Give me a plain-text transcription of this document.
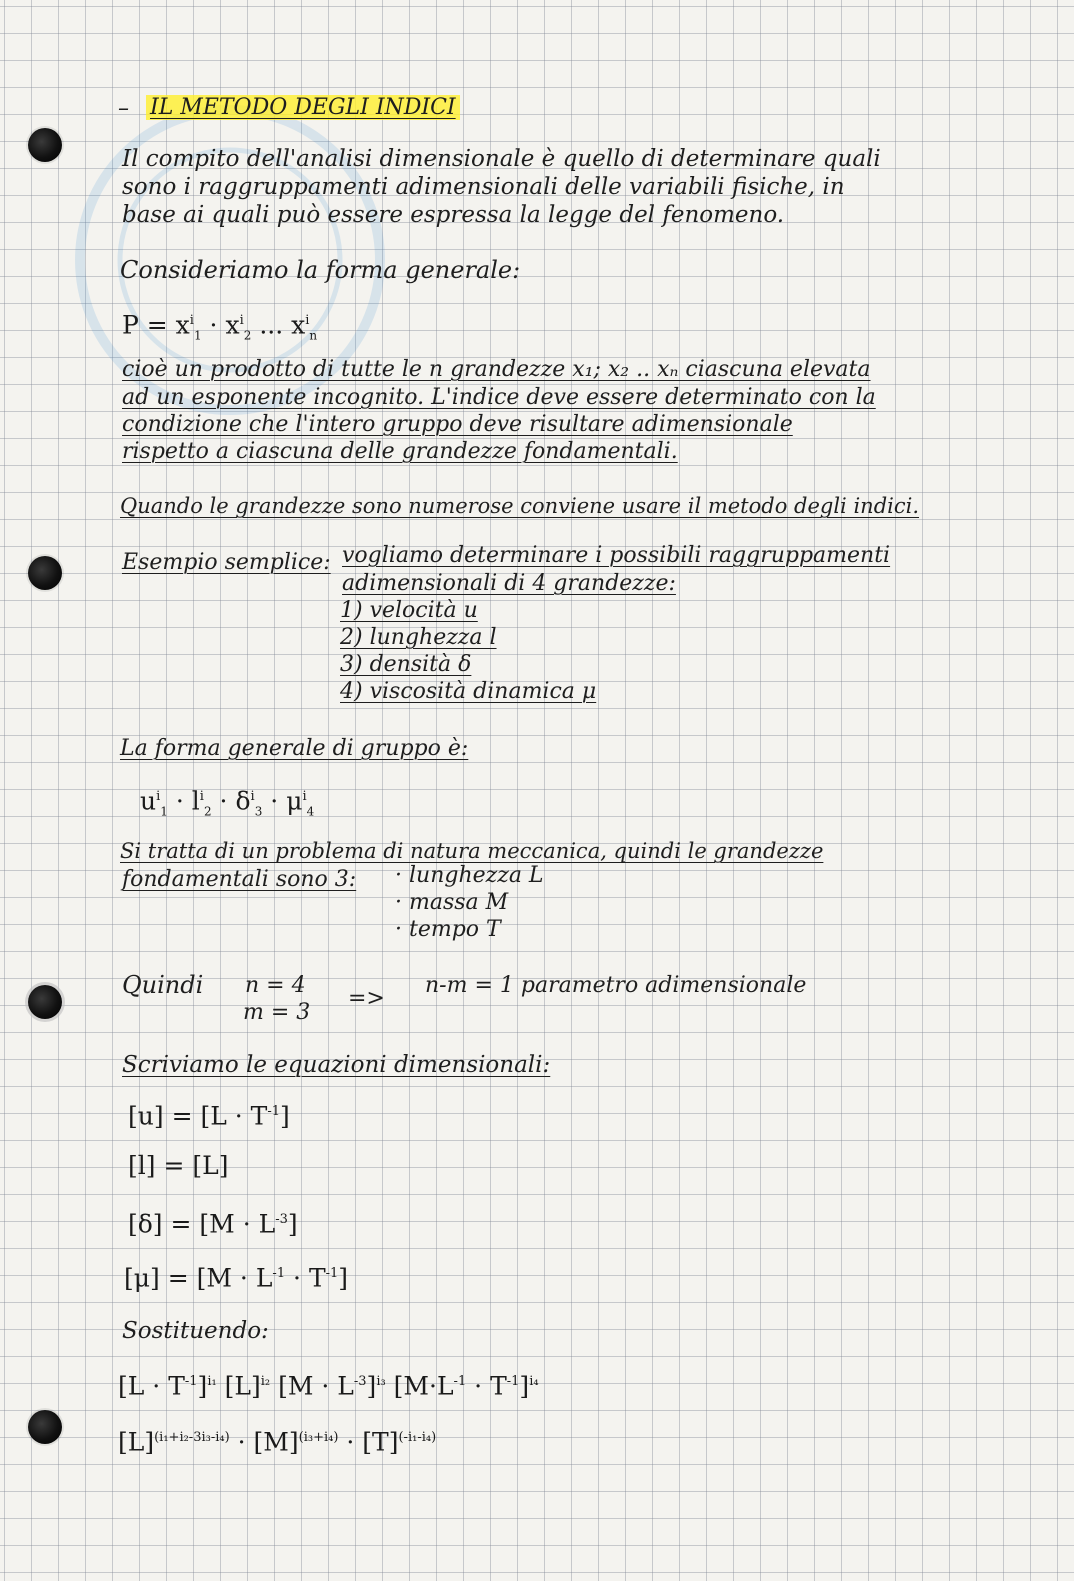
– IL METODO DEGLI INDICI
Il compito dell'analisi dimensionale è quello di determinare quali
sono i raggruppamenti adimensionali delle variabili fisiche, in
base ai quali può essere espressa la legge del fenomeno.
Consideriamo la forma generale:
$P = x^i_1 \cdot x^i_2$ ... $x^i_n$
cioè un prodotto di tutte le n grandezze x₁; x₂ .. xₙ ciascuna elevata
ad un esponente incognito. L'indice deve essere determinato con la
condizione che l'intero gruppo deve risultare adimensionale
rispetto a ciascuna delle grandezze fondamentali.
Quando le grandezze sono numerose conviene usare il metodo degli indici.
Esempio semplice: vogliamo determinare i possibili raggruppamenti
adimensionali di 4 grandezze:
1) velocità u
2) lunghezza l
3) densità δ
4) viscosità dinamica μ
La forma generale di gruppo è:
$u^i_1 \cdot l^i_2 \cdot \delta^i_3 \cdot \mu^i_4$
Si tratta di un problema di natura meccanica, quindi le grandezze
fondamentali sono 3: · lunghezza L
· massa M
· tempo T
Quindi n = 4
m = 3
=>
n-m = 1 parametro adimensionale
Scriviamo le equazioni dimensionali:
$[u] = [L \cdot T^{-1}]$
[l] = [L]
$[\delta] = [M \cdot L^{-3}]$
$[\mu] = [M \cdot L^{-1} \cdot T^{-1}]$
Sostituendo:
$[L \cdot T^{-1}]^{i_1}$ $[L]^{i_2}$ $[M \cdot L^{-3}]^{i_3}$ $[M\cdot L^{-1} \cdot T^{-1}]^{i_4}$
$[L]^{(i_1+i_2-3i_3-i_4)} \cdot [M]^{(i_3+i_4)} \cdot [T]^{(-i_1-i_4)}$
